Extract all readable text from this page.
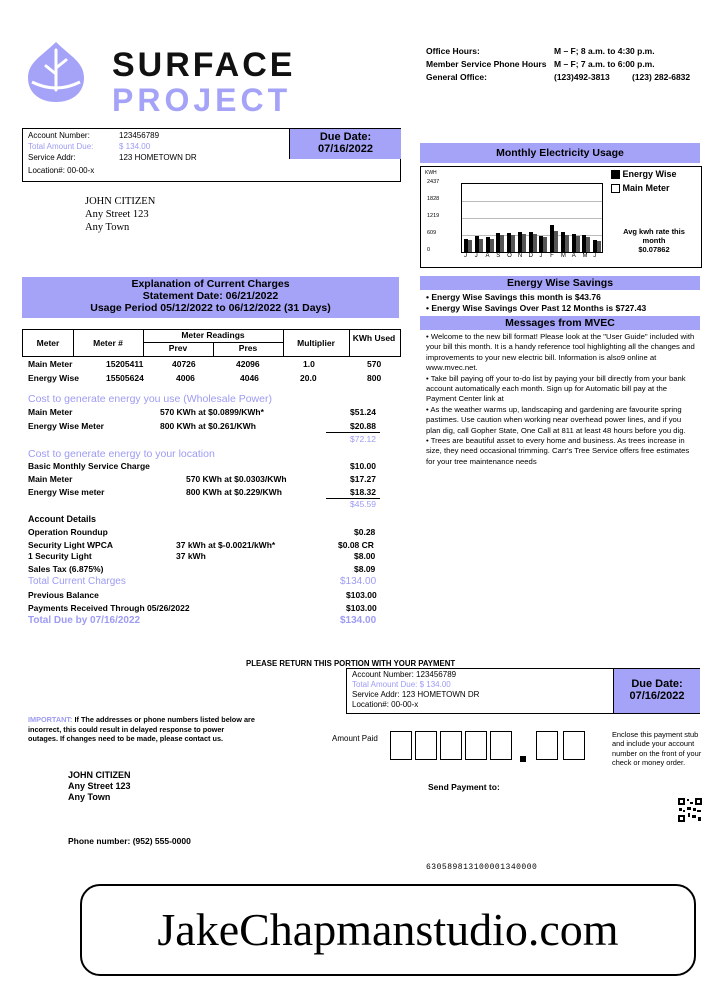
SURFACE
PROJECT
Office Hours:	M – F; 8 a.m. to 4:30 p.m.
Member Service Phone Hours M – F; 7 a.m. to 6:00 p.m.
General Office:	(123)492-3813	(123) 282-6832
Account Number:	123456789
Total Amount Due:	$ 134.00
Service Addr:	123 HOMETOWN DR
Location#: 00-00-x
Due Date:
07/16/2022
JOHN CITIZEN
Any Street 123
Any Town
Monthly Electricity Usage
KWH
2437
1828
1219
609
0
J J A S O N D J F M A M J
Energy Wise
Main Meter
Avg kwh rate this month
$0.07862
Explanation of Current Charges
Statement Date: 06/21/2022
Usage Period 05/12/2022 to 06/12/2022 (31 Days)
Meter	Meter #
Meter Readings
Prev	Pres	Multiplier	KWh Used
Main Meter	15205411	40726	42096	1.0	570
Energy Wise	15505624	4006	4046	20.0	800
Cost to generate energy you use (Wholesale Power)
Main Meter	570 KWh at $0.0899/KWh*	$51.24
Energy Wise Meter	800 KWh at $0.261/KWh	$20.88
$72.12
Cost to generate energy to your location
Basic Monthly Service Charge	$10.00
Main Meter	570 KWh at $0.0303/KWh	$17.27
Energy Wise meter	800 KWh at $0.229/KWh	$18.32
$45.59
Account Details
Operation Roundup	$0.28
Security Light WPCA	37 kWh at $-0.0021/kWh*	$0.08 CR
1 Security Light	37 kWh	$8.00
Sales Tax (6.875%)	$8.09
Total Current Charges	$134.00
Previous Balance	$103.00
Payments Received Through 05/26/2022	$103.00
Total Due by 07/16/2022	$134.00
Energy Wise Savings
• Energy Wise Savings this month is $43.76
• Energy Wise Savings Over Past 12 Months is $727.43
Messages from MVEC
• Welcome to the new bill format! Please look at the "User Guide" included with your bill this month. It is a handy reference tool highlighting all the changes and improvements to your new electric bill. Information is also9 online at www.mvec.net.
• Take bill paying off your to-do list by paying your bill directly from your bank account automatically each month. Sign up for Automatic bill pay at the Payment Center link at
• As the weather warms up, landscaping and gardening are favourite spring pastimes. Use caution when working near overhead power lines, and if you plan dig, call Gopher State, One Call at 811 at least 48 hours before you dig.
• Trees are beautiful asset to every home and business. As trees increase in size, they need occasional trimming. Carr's Tree Service offers free estimates for your tree maintenance needs
PLEASE RETURN THIS PORTION WITH YOUR PAYMENT
Account Number: 123456789
Total Amount Due: $ 134.00
Service Addr: 123 HOMETOWN DR
Location#: 00-00-x
Due Date:
07/16/2022
IMPORTANT: If The addresses or phone numbers listed below are incorrect, this could result in delayed response to power outages. If changes need to be made, please contact us.	Amount Paid	Enclose this payment stub and include your account number on the front of your check or money order.
JOHN CITIZEN
Any Street 123
Any Town
Send Payment to:
Phone number: (952) 555-0000
630589813100001340000
JakeChapmanstudio.com
